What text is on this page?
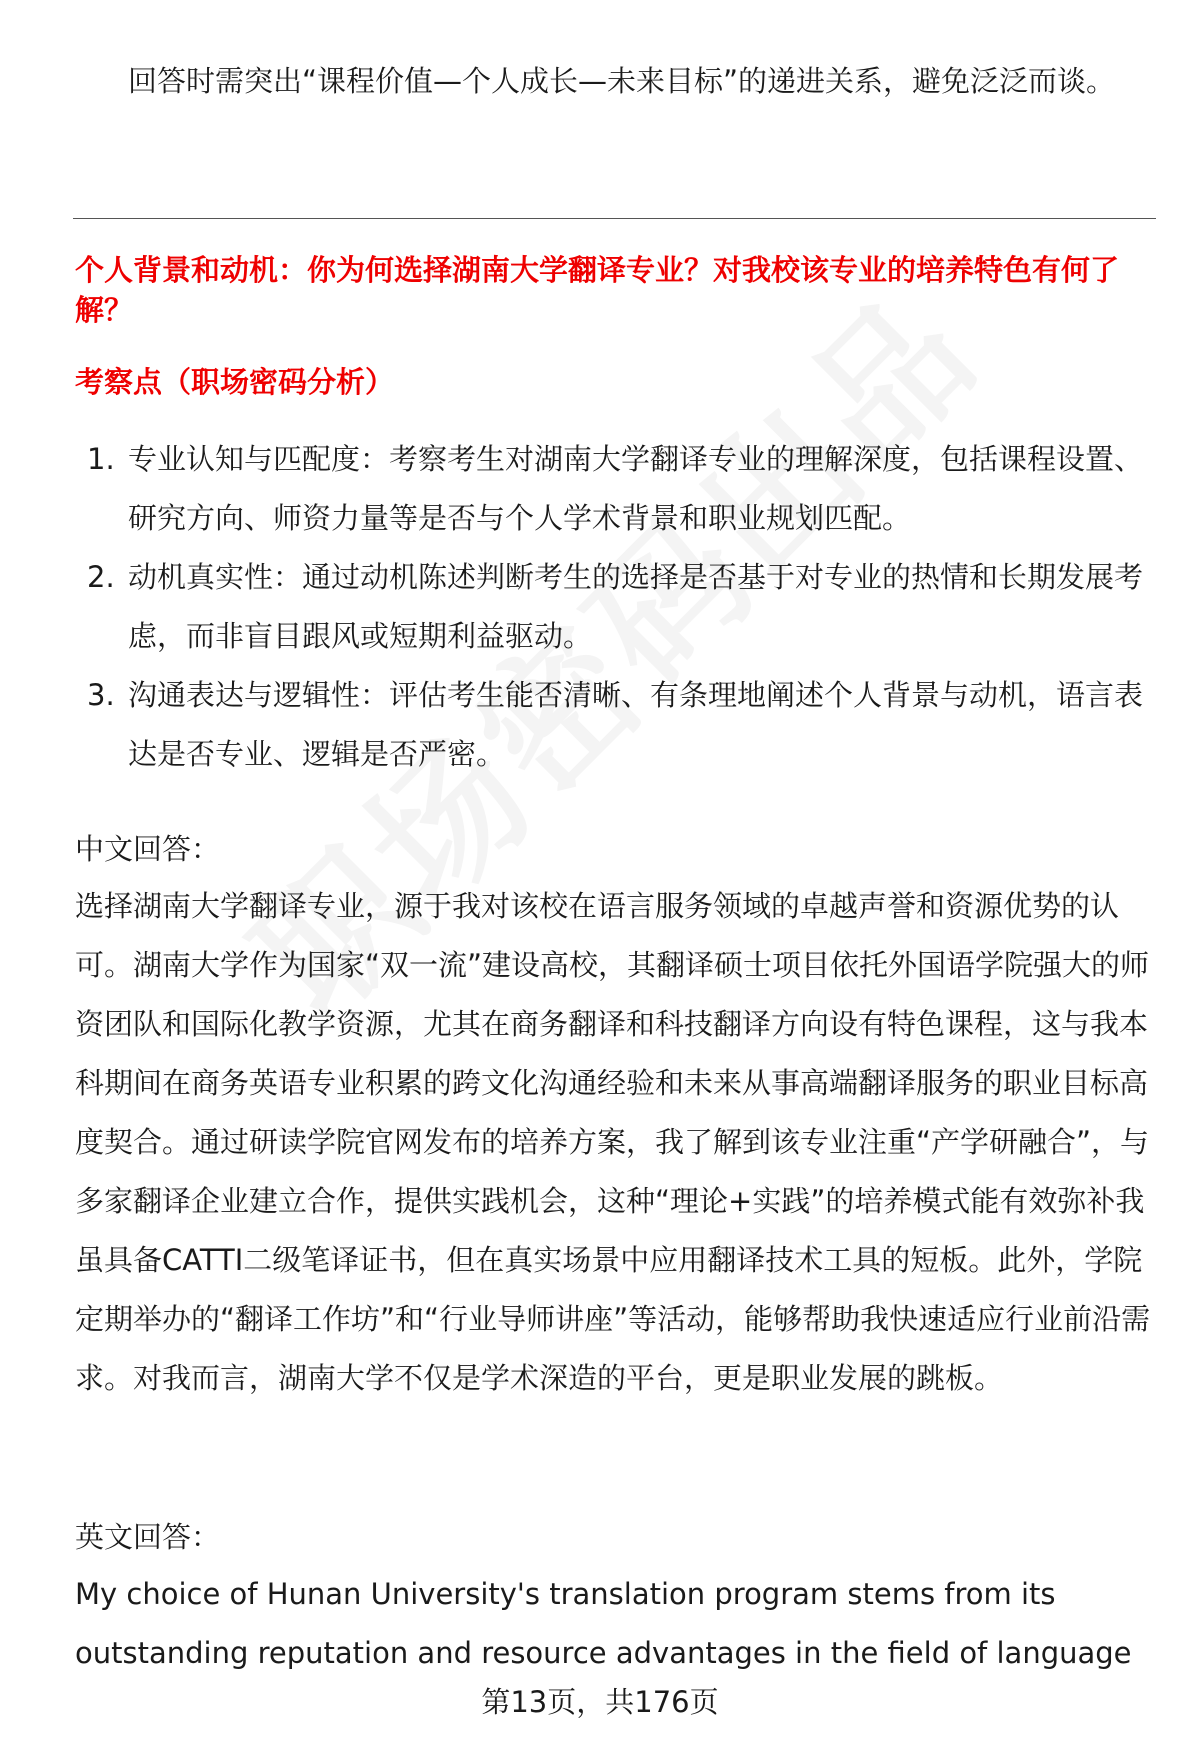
回答时需突出“课程价值—个人成长—未来目标”的递进关系，避免泛泛而谈。
个人背景和动机：你为何选择湖南大学翻译专业？对我校该专业的培养特色有何了解？
考察点（职场密码分析）
1. 专业认知与匹配度：考察考生对湖南大学翻译专业的理解深度，包括课程设置、研究方向、师资力量等是否与个人学术背景和职业规划匹配。
2. 动机真实性：通过动机陈述判断考生的选择是否基于对专业的热情和长期发展考虑，而非盲目跟风或短期利益驱动。
3. 沟通表达与逻辑性：评估考生能否清晰、有条理地阐述个人背景与动机，语言表达是否专业、逻辑是否严密。
中文回答：
选择湖南大学翻译专业，源于我对该校在语言服务领域的卓越声誉和资源优势的认可。湖南大学作为国家“双一流”建设高校，其翻译硕士项目依托外国语学院强大的师资团队和国际化教学资源，尤其在商务翻译和科技翻译方向设有特色课程，这与我本科期间在商务英语专业积累的跨文化沟通经验和未来从事高端翻译服务的职业目标高度契合。通过研读学院官网发布的培养方案，我了解到该专业注重“产学研融合”，与多家翻译企业建立合作，提供实践机会，这种“理论+实践”的培养模式能有效弥补我虽具备CATTI二级笔译证书，但在真实场景中应用翻译技术工具的短板。此外，学院定期举办的“翻译工作坊”和“行业导师讲座”等活动，能够帮助我快速适应行业前沿需求。对我而言，湖南大学不仅是学术深造的平台，更是职业发展的跳板。
英文回答：
My choice of Hunan University's translation program stems from its outstanding reputation and resource advantages in the field of language
第13页，共176页
